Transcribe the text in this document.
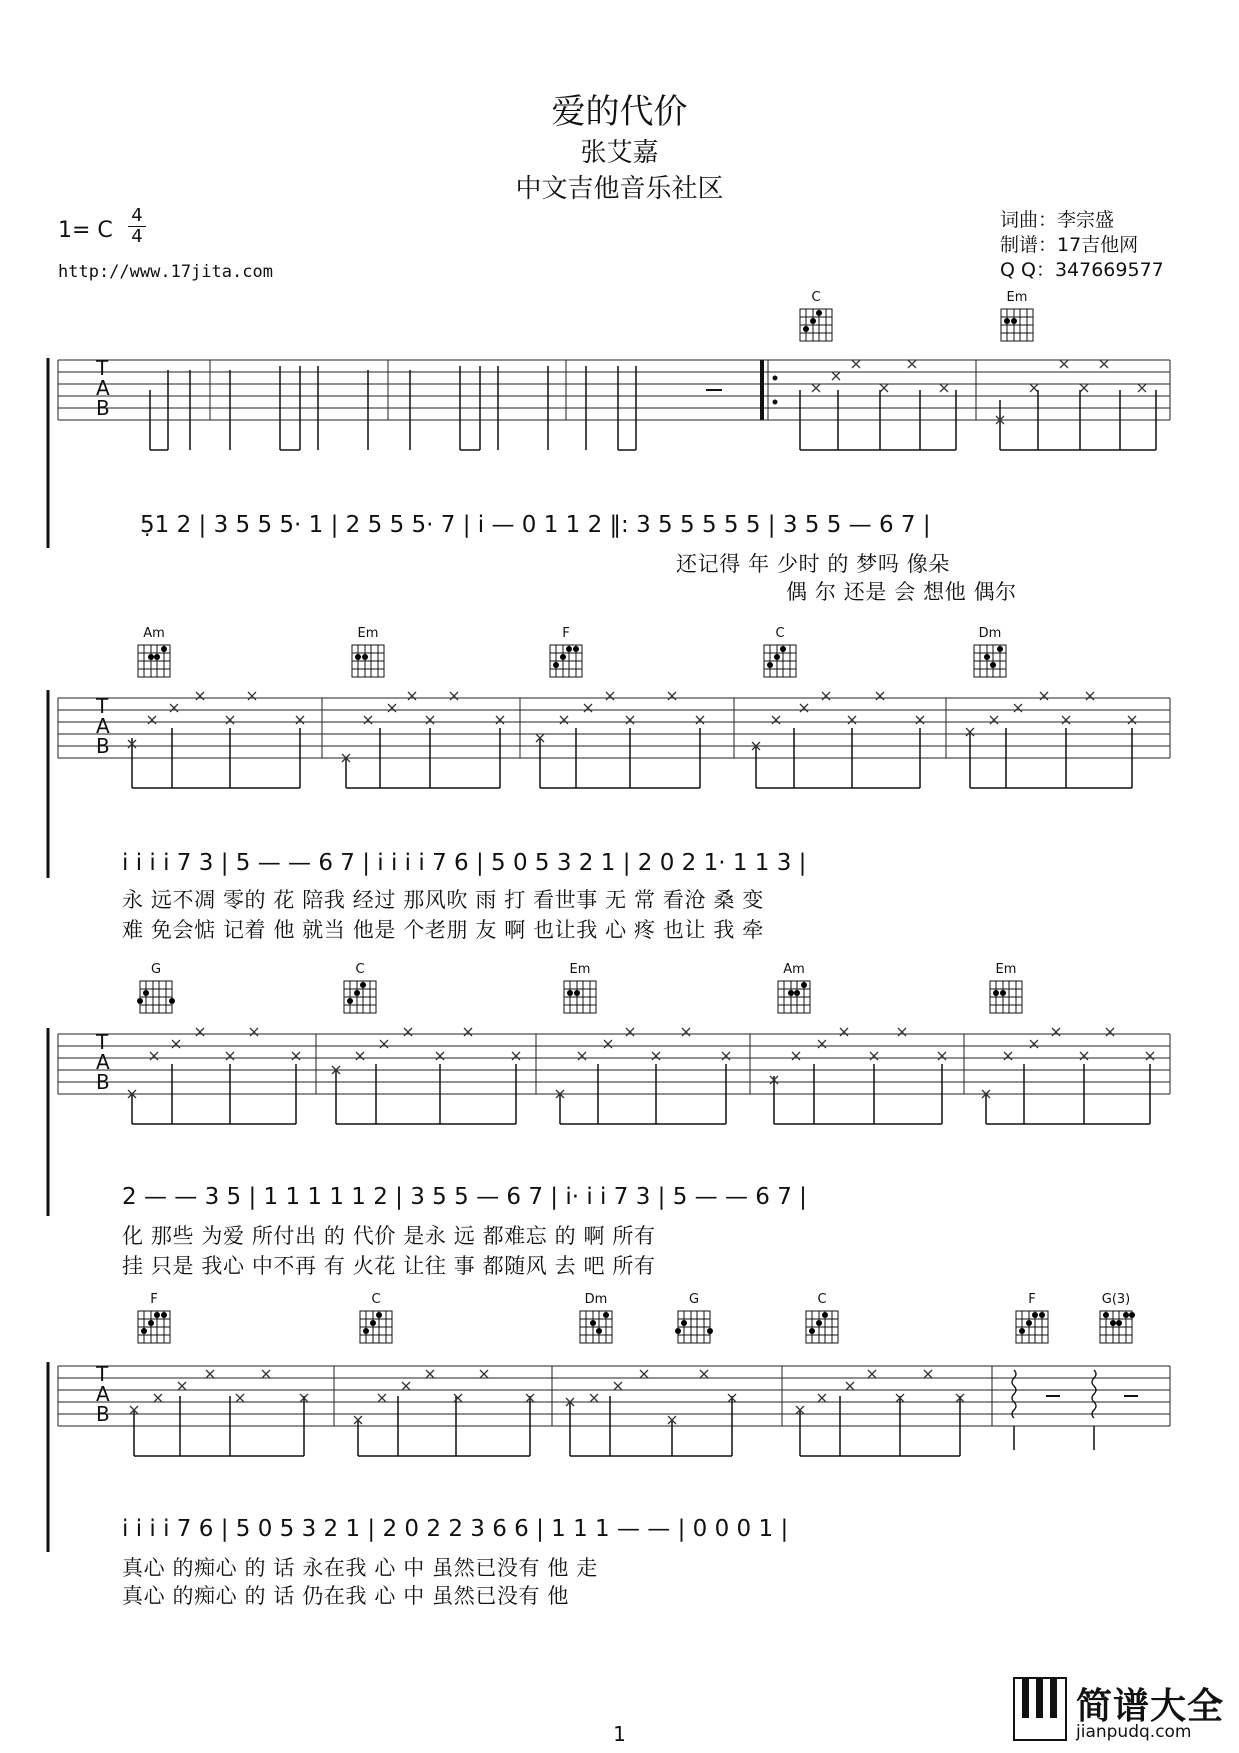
爱的代价
张艾嘉
中文吉他音乐社区
1= C
4
4
http://www.17jita.com
词曲：李宗盛
制谱：17吉他网
Q Q：347669577
T
A
B
C	Em
5̣1 2 | 3 5 5 5· 1 | 2 5 5 5· 7 | i — 0 1 1 2 ‖: 3 5 5 5 5 5 | 3 5 5 — 6 7 |
还记得 年 少时 的 梦吗 像朵
偶 尔 还是 会 想他 偶尔
T
A
B
Am	Em	F	C	Dm
i i i i 7 3 | 5 — — 6 7 | i i i i 7 6 | 5 0 5 3 2 1 | 2 0 2 1· 1 1 3 |
永 远不凋 零的 花 陪我 经过 那风吹 雨 打 看世事 无 常 看沧 桑 变
难 免会惦 记着 他 就当 他是 个老朋 友 啊 也让我 心 疼 也让 我 牵
T
A
B
G	C	Em	Am	Em
2 — — 3 5 | 1 1 1 1 1 2 | 3 5 5 — 6 7 | i· i i 7 3 | 5 — — 6 7 |
化 那些 为爱 所付出 的 代价 是永 远 都难忘 的 啊 所有
挂 只是 我心 中不再 有 火花 让往 事 都随风 去 吧 所有
T
A
B
F	C	Dm	G	C	F	G(3)
i i i i 7 6 | 5 0 5 3 2 1 | 2 0 2 2 3 6 6 | 1 1 1 — — | 0 0 0 1 |
真心 的痴心 的 话 永在我 心 中 虽然已没有 他 走
真心 的痴心 的 话 仍在我 心 中 虽然已没有 他
1
简谱大全
jianpudq.com
